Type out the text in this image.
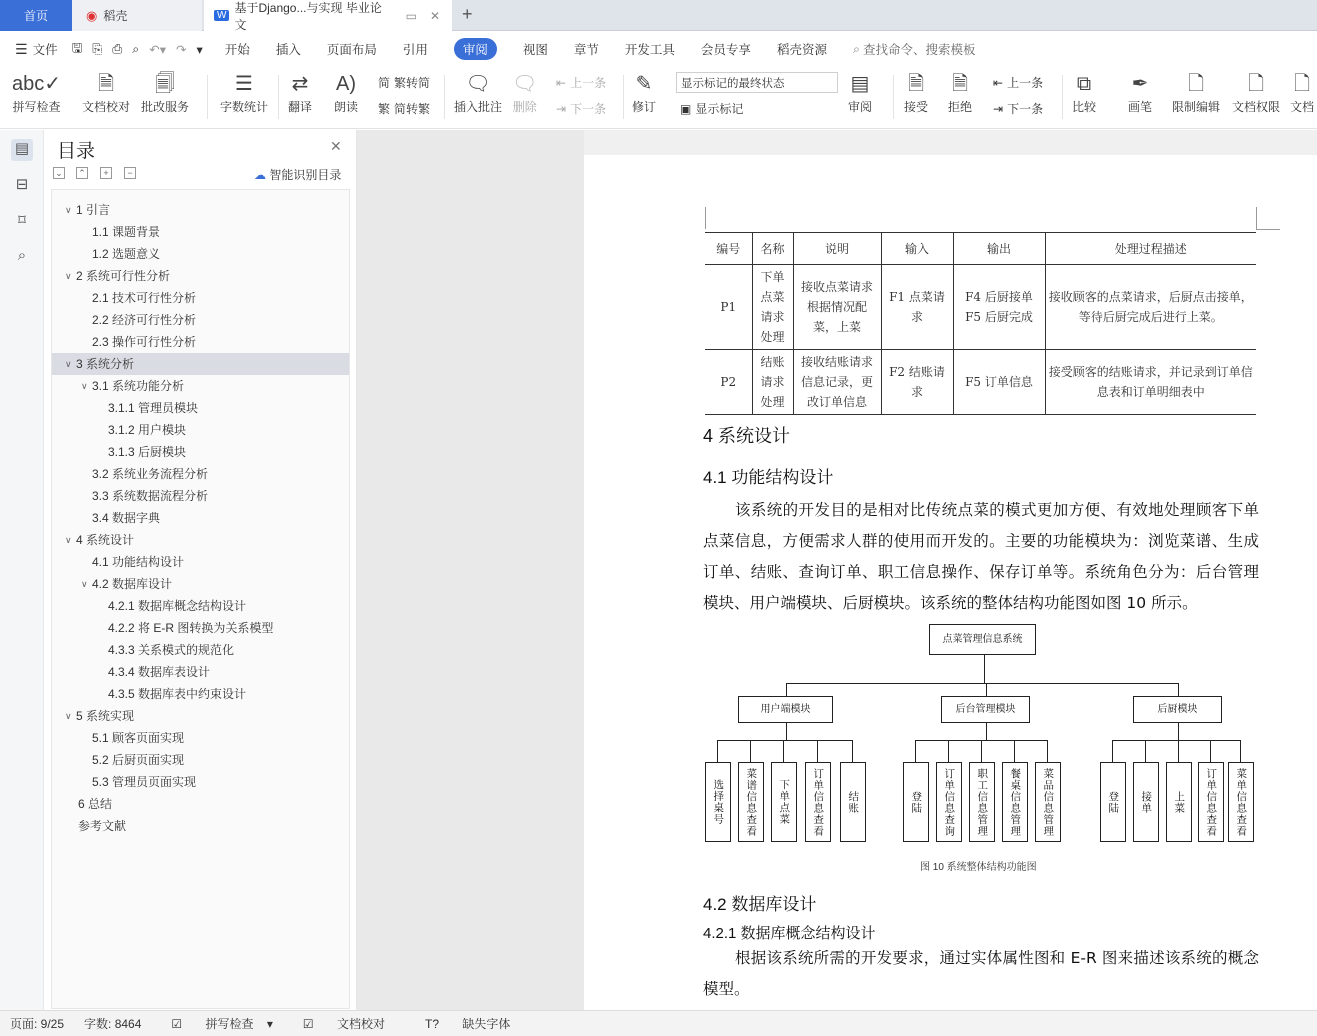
首页	◉ 稻壳	W
基于Django...与实现 毕业论文
▭ ✕ +
☰ 文件 🖫 ⎘ ⎙ ⌕ ↶▾ ↷ ▾ 开始 插入 页面布局 引用	审阅	视图 章节 开发工具 会员专享 稻壳资源 ⌕ 查找命令、搜索模板
abc✓
拼写检查
🗎
文档校对
🗐
批改服务
☰
字数统计
⇄
翻译
A)
朗读
简 繁转简
繁 简转繁
🗨
插入批注
🗨
删除
⇤ 上一条
⇥ 下一条
✎
修订
显示标记的最终状态
▣ 显示标记
▤
审阅
🗎
接受
🗎
拒绝
⇤ 上一条
⇥ 下一条
⧉
比较
✒
画笔
🗋
限制编辑
🗋
文档权限
🗋
文档
▤
⊟
⌑
⌕
目录	✕
⌄ ⌃	+	−	☁ 智能识别目录
∨ 1 引言
1.1 课题背景
1.2 选题意义
∨ 2 系统可行性分析
2.1 技术可行性分析
2.2 经济可行性分析
2.3 操作可行性分析
∨ 3 系统分析
∨ 3.1 系统功能分析
3.1.1 管理员模块
3.1.2 用户模块
3.1.3 后厨模块
3.2 系统业务流程分析
3.3 系统数据流程分析
3.4 数据字典
∨ 4 系统设计
4.1 功能结构设计
∨ 4.2 数据库设计
4.2.1 数据库概念结构设计
4.2.2 将 E-R 图转换为关系模型
4.3.3 关系模式的规范化
4.3.4 数据库表设计
4.3.5 数据库表中约束设计
∨ 5 系统实现
5.1 顾客页面实现
5.2 后厨页面实现
5.3 管理员页面实现
6 总结
参考文献
编号	名称	说明	输入	输出	处理过程描述
P1	下单点菜请求处理	接收点菜请求根据情况配菜，上菜	F1 点菜请求	F4 后厨接单
F5 后厨完成	接收顾客的点菜请求，后厨点击接单，等待后厨完成后进行上菜。
P2	结账请求处理	接收结账请求信息记录，更改订单信息	F2 结账请求	F5 订单信息	接受顾客的结账请求，并记录到订单信息表和订单明细表中
4 系统设计
4.1 功能结构设计
该系统的开发目的是相对比传统点菜的模式更加方便、有效地处理顾客下单点菜信息，方便需求人群的使用而开发的。主要的功能模块为：浏览菜谱、生成订单、结账、查询订单、职工信息操作、保存订单等。系统角色分为：后台管理模块、用户端模块、后厨模块。该系统的整体结构功能图如图 10 所示。
点菜管理信息系统
用户端模块
选择桌号	菜谱信息查看	下单点菜	订单信息查看	结账
后台管理模块
登陆	订单信息查询	职工信息管理	餐桌信息管理	菜品信息管理
后厨模块
登陆	接单	上菜	订单信息查看	菜单信息查看
图 10 系统整体结构功能图
4.2 数据库设计
4.2.1 数据库概念结构设计
根据该系统所需的开发要求，通过实体属性图和 E-R 图来描述该系统的概念模型。
页面: 9/25 字数: 8464	☑ 拼写检查 ▾	☑ 文档校对	T? 缺失字体
